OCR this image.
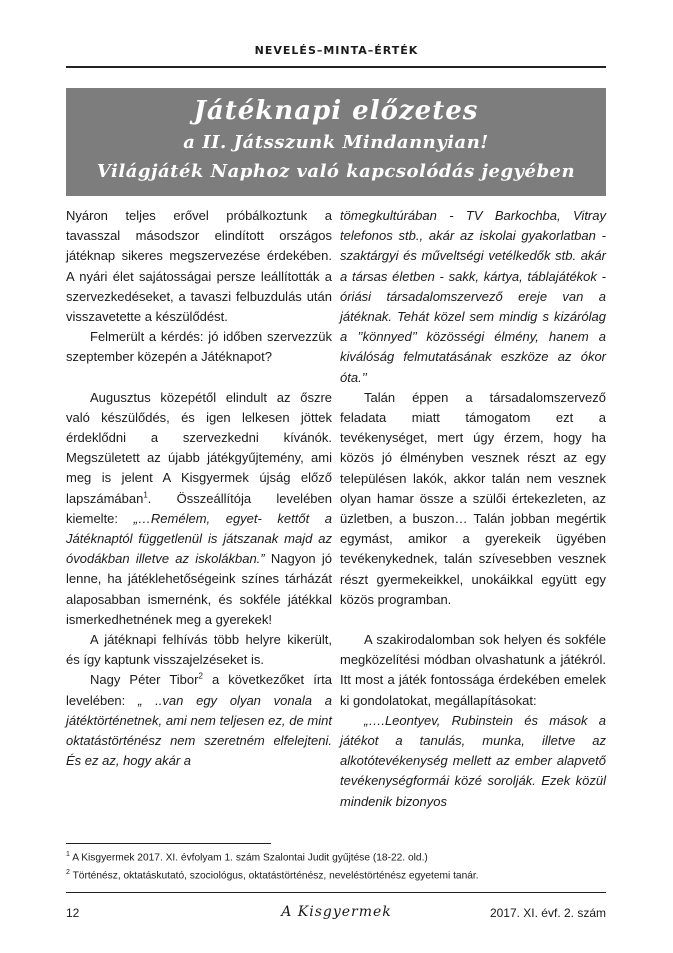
NEVELÉS–MINTA–ÉRTÉK
Játéknapi előzetes
a II. Játsszunk Mindannyian!
Világjáték Naphoz való kapcsolódás jegyében

Nyáron teljes erővel próbálkoztunk a tavasszal másodszor elindított országos játéknap sikeres megszervezése érdekében. A nyári élet sajátosságai persze leállították a szervezkedéseket, a tavaszi felbuzdulás után visszavetette a készülődést.

Felmerült a kérdés: jó időben szervezzük szeptember közepén a Játéknapot?

Augusztus közepétől elindult az őszre való készülődés, és igen lelkesen jöttek érdeklődni a szervezkedni kívánók. Megszületett az újabb játékgyűjtemény, ami meg is jelent A Kisgyermek újság előző lapszámában$^1$. Összeállítója levelében kiemelte: „…Remélem, egyet- kettőt a Játéknaptól függetlenül is játszanak majd az óvodákban illetve az iskolákban.” Nagyon jó lenne, ha játéklehetőségeink színes tárházát alaposabban ismernénk, és sokféle játékkal ismerkedhetnének meg a gyerekek!

A játéknapi felhívás több helyre kikerült, és így kaptunk visszajelzéseket is.

Nagy Péter Tibor$^2$ a következőket írta levelében: „ ..van egy olyan vonala a játéktörténetnek, ami nem teljesen ez, de mint oktatástörténész nem szeretném elfelejteni. És ez az, hogy akár a

tömegkultúrában - TV Barkochba, Vitray telefonos stb., akár az iskolai gyakorlatban - szaktárgyi és műveltségi vetélkedők stb. akár a társas életben - sakk, kártya, táblajátékok - óriási társadalomszervező ereje van a játéknak. Tehát közel sem mindig s kizárólag a ’’könnyed’’ közösségi élmény, hanem a kiválóság felmutatásának eszköze az ókor óta.’’

Talán éppen a társadalomszervező feladata miatt támogatom ezt a tevékenységet, mert úgy érzem, hogy ha közös jó élményben vesznek részt az egy településen lakók, akkor talán nem vesznek olyan hamar össze a szülői értekezleten, az üzletben, a buszon… Talán jobban megértik egymást, amikor a gyerekeik ügyében tevékenykednek, talán szívesebben vesznek részt gyermekeikkel, unokáikkal együtt egy közös programban.

A szakirodalomban sok helyen és sokféle megközelítési módban olvashatunk a játékról. Itt most a játék fontossága érdekében emelek ki gondolatokat, megállapításokat:

„….Leontyev, Rubinstein és mások a játékot a tanulás, munka, illetve az alkotótevékenység mellett az ember alapvető tevékenységformái közé sorolják. Ezek közül mindenik bizonyos

$^1$ A Kisgyermek 2017. XI. évfolyam 1. szám Szalontai Judit gyűjtése (18-22. old.)
$^2$ Történész, oktatáskutató, szociológus, oktatástörténész, neveléstörténész egyetemi tanár.
12	A Kisgyermek	2017. XI. évf. 2. szám
